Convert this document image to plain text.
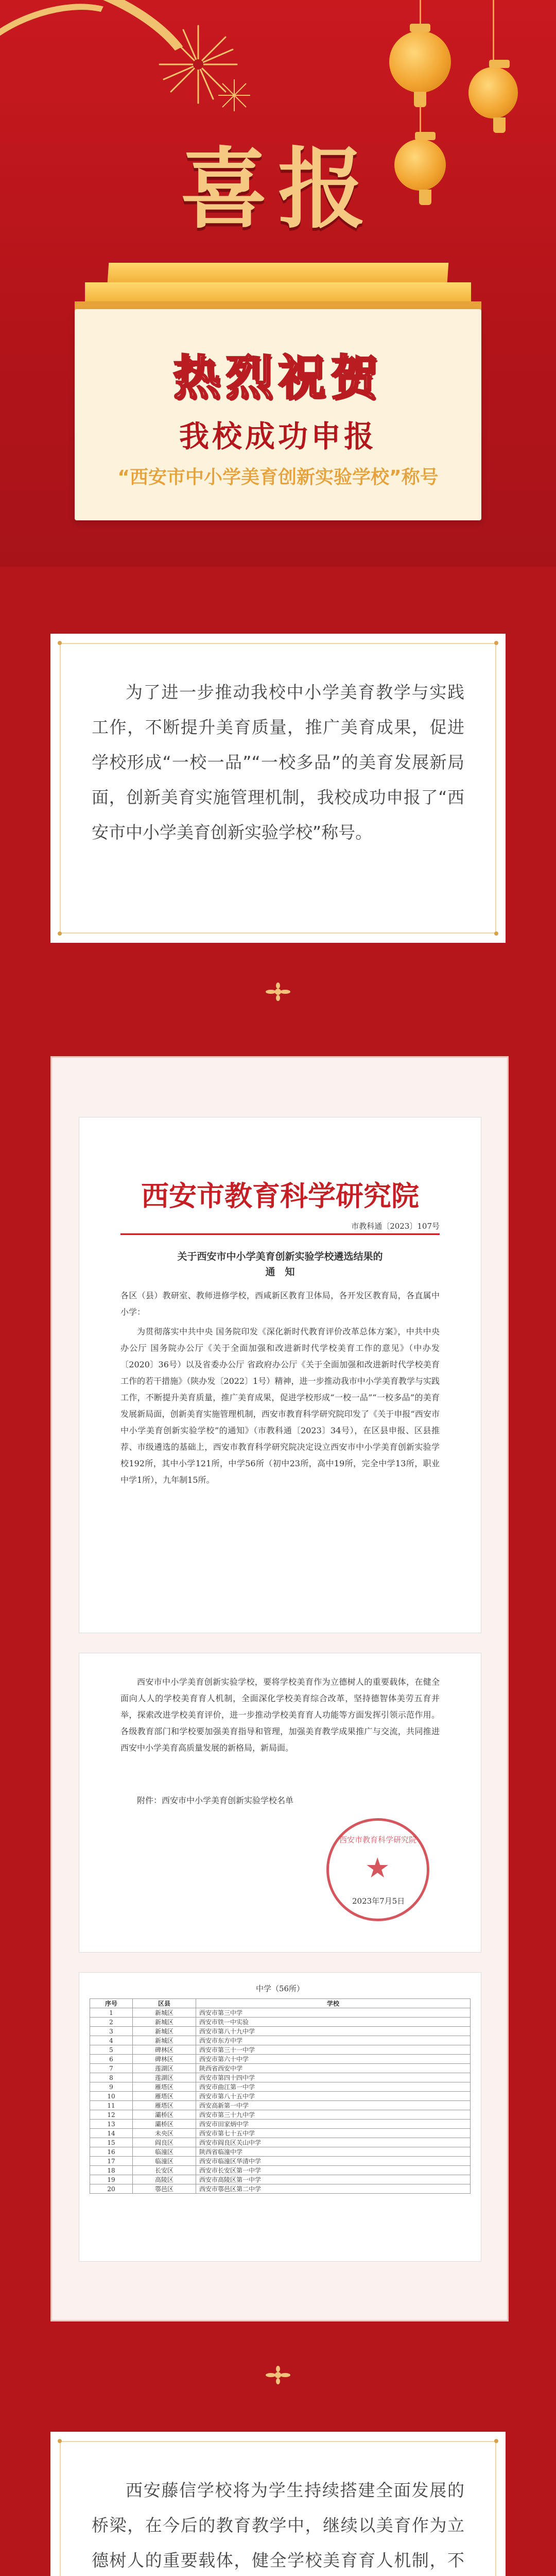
喜报
热烈祝贺
我校成功申报
“西安市中小学美育创新实验学校”称号
为了进一步推动我校中小学美育教学与实践工作，不断提升美育质量，推广美育成果，促进学校形成“一校一品”“一校多品”的美育发展新局面，创新美育实施管理机制，我校成功申报了“西安市中小学美育创新实验学校”称号。
西安市教育科学研究院
市教科通〔2023〕107号
关于西安市中小学美育创新实验学校遴选结果的
通　知
各区（县）教研室、教师进修学校，西咸新区教育卫体局，各开发区教育局，各直属中小学：
为贯彻落实中共中央 国务院印发《深化新时代教育评价改革总体方案》，中共中央办公厅 国务院办公厅《关于全面加强和改进新时代学校美育工作的意见》（中办发〔2020〕36号）以及省委办公厅 省政府办公厅《关于全面加强和改进新时代学校美育工作的若干措施》（陕办发〔2022〕1号）精神，进一步推动我市中小学美育教学与实践工作，不断提升美育质量，推广美育成果，促进学校形成“一校一品”“一校多品”的美育发展新局面，创新美育实施管理机制，西安市教育科学研究院印发了《关于申报“西安市中小学美育创新实验学校”的通知》（市教科通〔2023〕34号），在区县申报、区县推荐、市级遴选的基础上，西安市教育科学研究院决定设立西安市中小学美育创新实验学校192所，其中小学121所，中学56所（初中23所，高中19所，完全中学13所，职业中学1所），九年制15所。
西安市中小学美育创新实验学校，要将学校美育作为立德树人的重要载体，在健全面向人人的学校美育育人机制，全面深化学校美育综合改革，坚持德智体美劳五育并举，探索改进学校美育评价，进一步推动学校美育育人功能等方面发挥引领示范作用。各级教育部门和学校要加强美育指导和管理，加强美育教学成果推广与交流，共同推进西安中小学美育高质量发展的新格局，新局面。
附件：西安市中小学美育创新实验学校名单
西安市教育科学研究院
★
2023年7月5日
中学（56所）
序号	区县	学校
1	新城区	西安市第三中学
2	新城区	西安市铁一中实验
3	新城区	西安市第八十九中学
4	新城区	西安市东方中学
5	碑林区	西安市第三十一中学
6	碑林区	西安市第六十中学
7	莲湖区	陕西省西安中学
8	莲湖区	西安市第四十四中学
9	雁塔区	西安市曲江第一中学
10	雁塔区	西安市第八十五中学
11	雁塔区	西安高新第一中学
12	灞桥区	西安市第三十九中学
13	灞桥区	西安市田家炳中学
14	未央区	西安市第七十五中学
15	阎良区	西安市阎良区关山中学
16	临潼区	陕西省临潼中学
17	临潼区	西安市临潼区华清中学
18	长安区	西安市长安区第一中学
19	高陵区	西安市高陵区第一中学
20	鄠邑区	西安市鄠邑区第二中学
西安藤信学校将为学生持续搭建全面发展的桥梁，在今后的教育教学中，继续以美育作为立德树人的重要载体，健全学校美育育人机制，不
